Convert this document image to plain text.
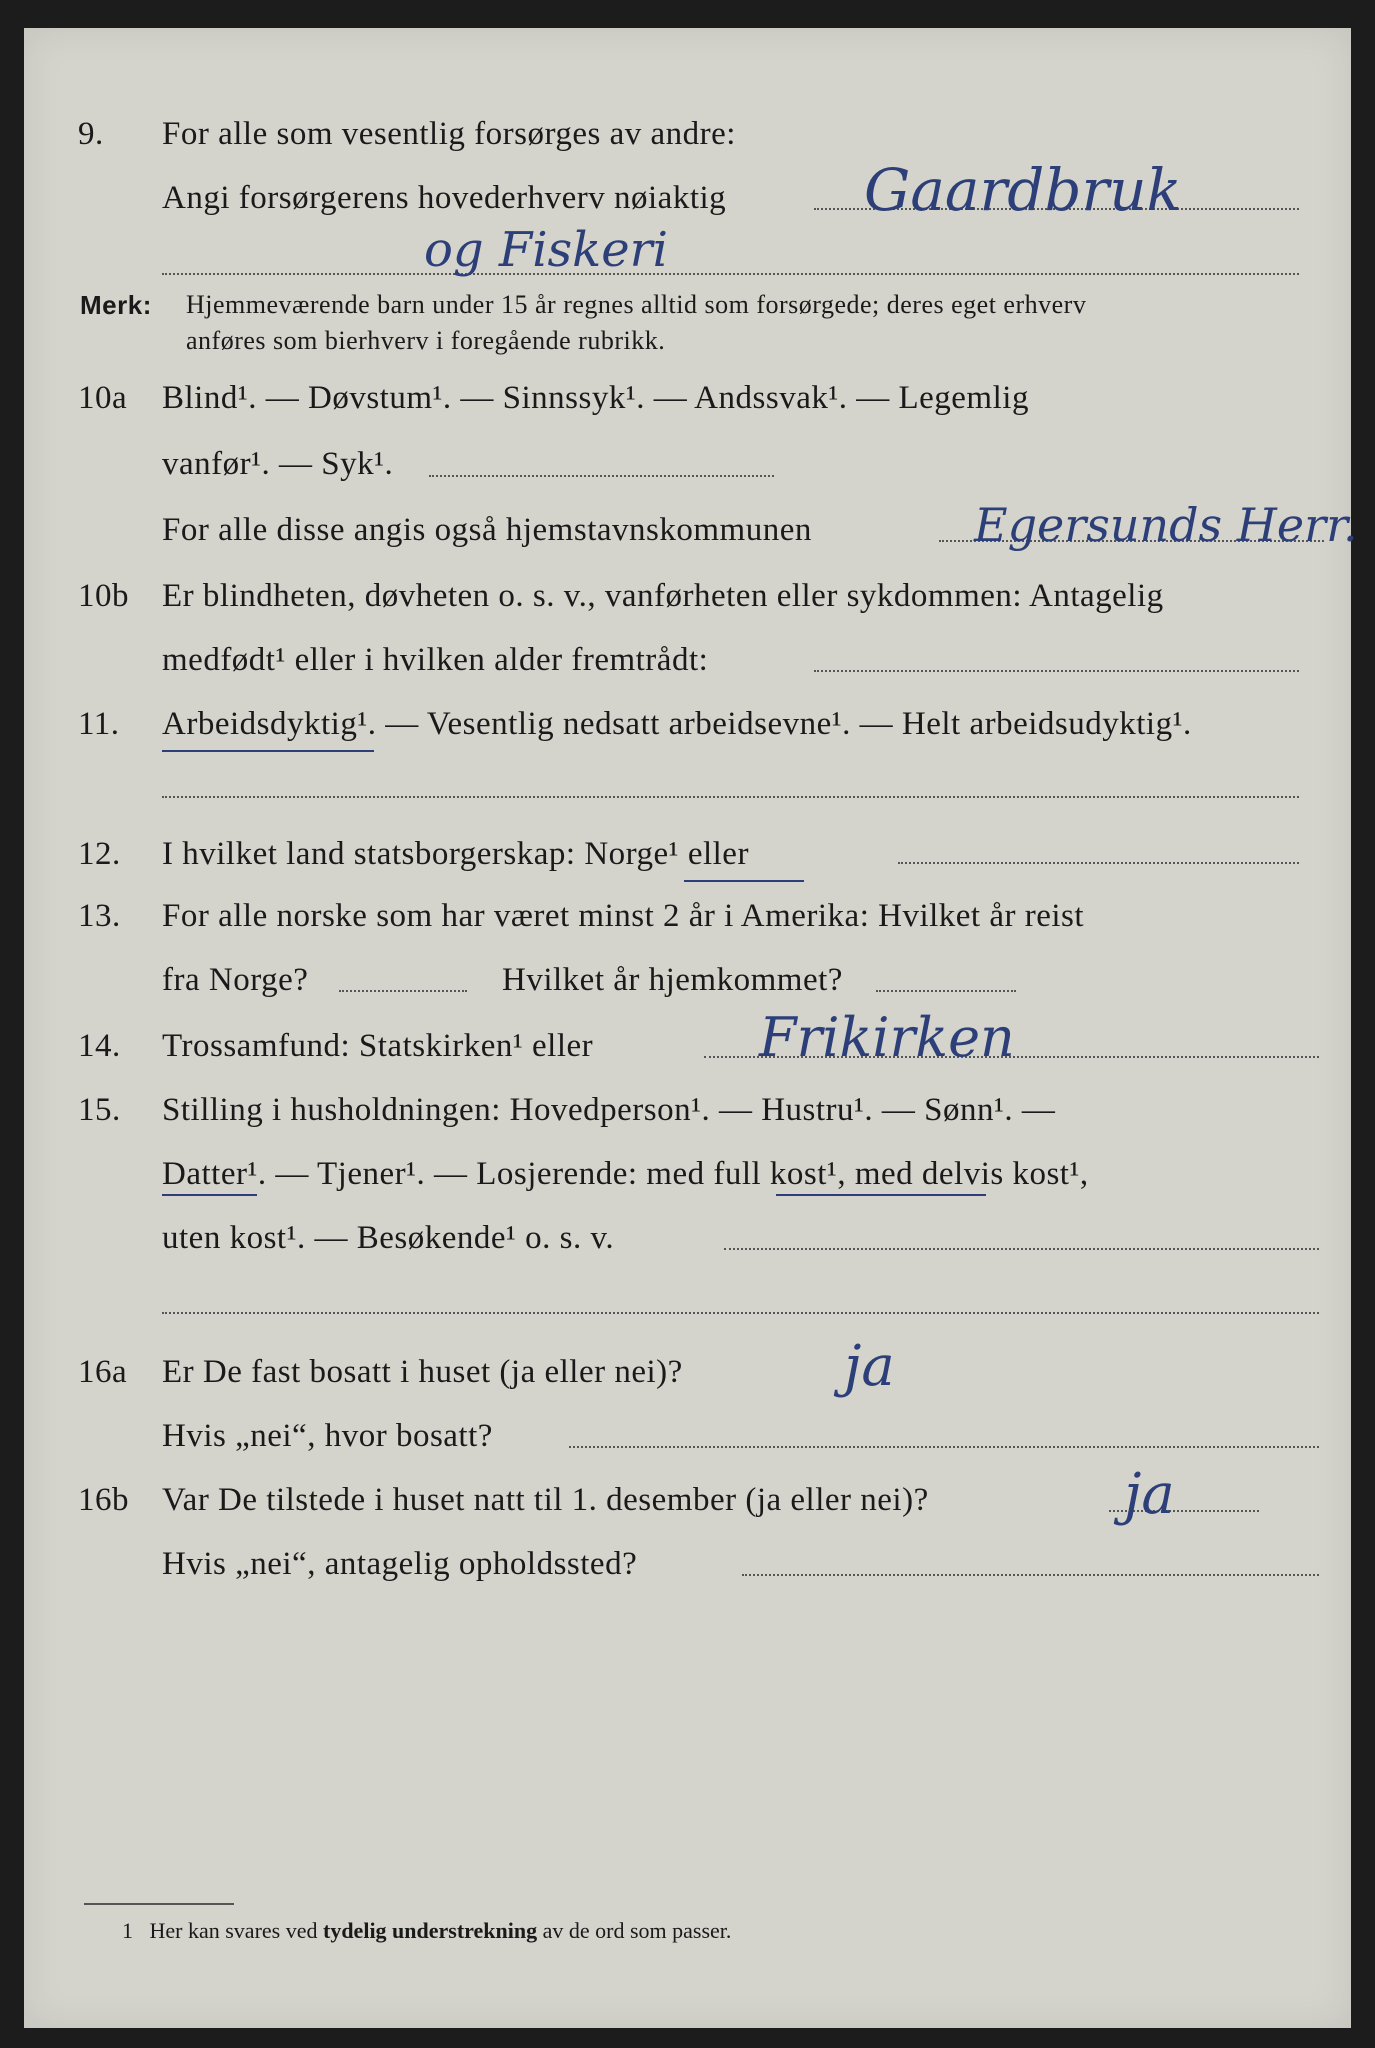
9. For alle som vesentlig forsørges av andre:
Angi forsørgerens hovederhverv nøiaktig Gaardbruk
og Fiskeri
Merk: Hjemmeværende barn under 15 år regnes alltid som forsørgede; deres eget erhverv
anføres som bierhverv i foregående rubrikk.
10a Blind¹. — Døvstum¹. — Sinnssyk¹. — Andssvak¹. — Legemlig
vanfør¹. — Syk¹.
For alle disse angis også hjemstavnskommunen	Egersunds Herr.
10b Er blindheten, døvheten o. s. v., vanførheten eller sykdommen: Antagelig
medfødt¹ eller i hvilken alder fremtrådt:
11. Arbeidsdyktig¹. — Vesentlig nedsatt arbeidsevne¹. — Helt arbeidsudyktig¹.
12. I hvilket land statsborgerskap: Norge¹ eller
13. For alle norske som har været minst 2 år i Amerika: Hvilket år reist
fra Norge?	Hvilket år hjemkommet?
14. Trossamfund: Statskirken¹ eller	Frikirken
15. Stilling i husholdningen: Hovedperson¹. — Hustru¹. — Sønn¹. —
Datter¹. — Tjener¹. — Losjerende: med full kost¹, med delvis kost¹,
uten kost¹. — Besøkende¹ o. s. v.
16a Er De fast bosatt i huset (ja eller nei)?	ja
Hvis „nei“, hvor bosatt?
16b Var De tilstede i huset natt til 1. desember (ja eller nei)?	ja
Hvis „nei“, antagelig opholdssted?
1 Her kan svares ved tydelig understrekning av de ord som passer.
